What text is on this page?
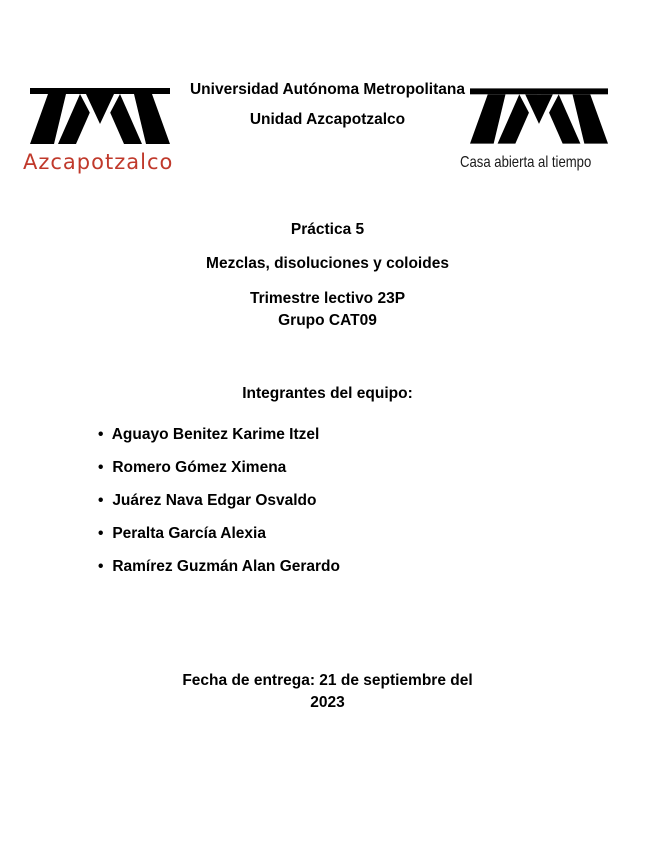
Azcapotzalco	Casa abierta al tiempo
Universidad Autónoma Metropolitana
Unidad Azcapotzalco
Práctica 5
Mezclas, disoluciones y coloides
Trimestre lectivo 23P
Grupo CAT09
Integrantes del equipo:
• Aguayo Benitez Karime Itzel
• Romero Gómez Ximena
• Juárez Nava Edgar Osvaldo
• Peralta García Alexia
• Ramírez Guzmán Alan Gerardo
Fecha de entrega: 21 de septiembre del
2023
